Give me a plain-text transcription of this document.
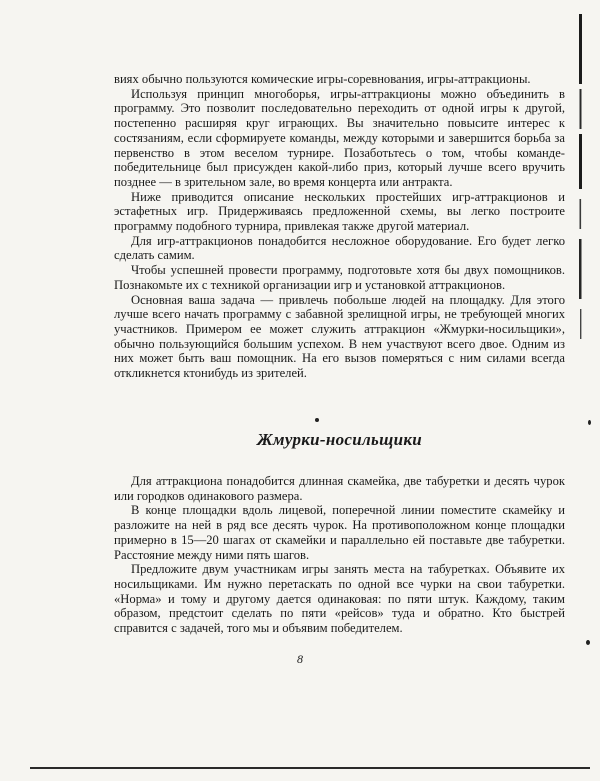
виях обычно пользуются комические игры-соревнования, игры-аттракционы.

Используя принцип многоборья, игры-аттракционы можно объединить в программу. Это позволит последовательно переходить от одной игры к другой, постепенно расширяя круг играющих. Вы значительно повысите интерес к состязаниям, если сформируете команды, между которыми и завершится борьба за первенство в этом веселом турнире. Позаботьтесь о том, чтобы команде-победительнице был присужден какой-либо приз, который лучше всего вручить позднее — в зрительном зале, во время концерта или антракта.

Ниже приводится описание нескольких простейших игр-аттракционов и эстафетных игр. Придерживаясь предложенной схемы, вы легко построите программу подобного турнира, привлекая также другой материал.

Для игр-аттракционов понадобится несложное оборудование. Его будет легко сделать самим.

Чтобы успешней провести программу, подготовьте хотя бы двух помощников. Познакомьте их с техникой организации игр и установкой аттракционов.

Основная ваша задача — привлечь побольше людей на площадку. Для этого лучше всего начать программу с забавной зрелищной игры, не требующей многих участников. Примером ее может служить аттракцион «Жмурки-носильщики», обычно пользующийся большим успехом. В нем участвуют всего двое. Одним из них может быть ваш помощник. На его вызов померяться с ним силами всегда откликнется ктонибудь из зрителей.

Жмурки-носильщики

Для аттракциона понадобится длинная скамейка, две табуретки и десять чурок или городков одинакового размера.

В конце площадки вдоль лицевой, поперечной линии поместите скамейку и разложите на ней в ряд все десять чурок. На противоположном конце площадки примерно в 15—20 шагах от скамейки и параллельно ей поставьте две табуретки. Расстояние между ними пять шагов.

Предложите двум участникам игры занять места на табуретках. Объявите их носильщиками. Им нужно перетаскать по одной все чурки на свои табуретки. «Норма» и тому и другому дается одинаковая: по пяти штук. Каждому, таким образом, предстоит сделать по пяти «рейсов» туда и обратно. Кто быстрей справится с задачей, того мы и объявим победителем.

8
